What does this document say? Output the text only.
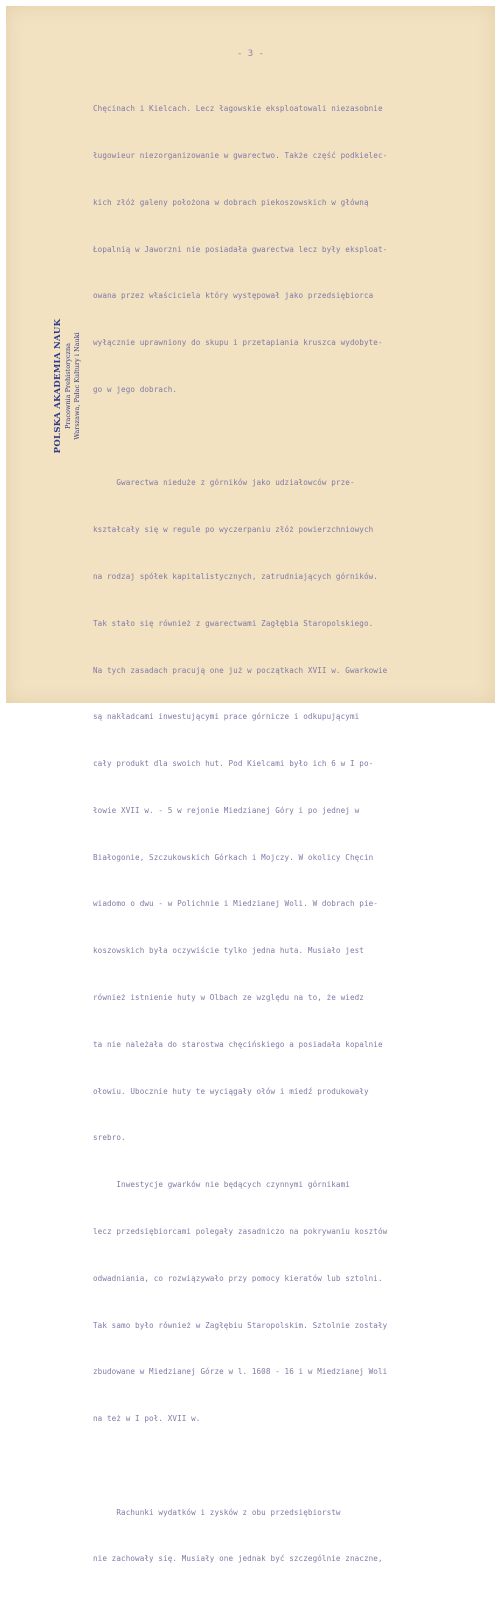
- 3 -
POLSKA AKADEMIA NAUK Pracownia Prehistoryczna Warszawa, Pałac Kultury i Nauki

Chęcinach i Kielcach. Lecz łagowskie eksploatowali niezasobnie

ługowieur niezorganizowanie w gwarectwo. Także część podkielec-

kich złóż galeny położona w dobrach piekoszowskich w główną

Łopalnią w Jaworzni nie posiadała gwarectwa lecz były eksploat-

owana przez właściciela który występował jako przedsiębiorca

wyłącznie uprawniony do skupu i przetapiania kruszca wydobyte-

go w jego dobrach.

Gwarectwa nieduże z górników jako udziałowców prze-

kształcały się w regule po wyczerpaniu złóż powierzchniowych

na rodzaj spółek kapitalistycznych, zatrudniających górników.

Tak stało się również z gwarectwami Zagłębia Staropolskiego.

Na tych zasadach pracują one już w początkach XVII w. Gwarkowie

są nakładcami inwestującymi prace górnicze i odkupującymi

cały produkt dla swoich hut. Pod Kielcami było ich 6 w I po-

łowie XVII w. - 5 w rejonie Miedzianej Góry i po jednej w

Białogonie, Szczukowskich Górkach i Mojczy. W okolicy Chęcin

wiadomo o dwu - w Polichnie i Miedzianej Woli. W dobrach pie-

koszowskich była oczywiście tylko jedna huta. Musiało jest

również istnienie huty w Olbach ze względu na to, że wiedz

ta nie należała do starostwa chęcińskiego a posiadała kopalnie

ołowiu. Ubocznie huty te wyciągały ołów i miedź produkowały

srebro.

Inwestycje gwarków nie będących czynnymi górnikami

lecz przedsiębiorcami polegały zasadniczo na pokrywaniu kosztów

odwadniania, co rozwiązywało przy pomocy kieratów lub sztolni.

Tak samo było również w Zagłębiu Staropolskim. Sztolnie zostały

zbudowane w Miedzianej Górze w l. 1608 - 16 i w Miedzianej Woli

na też w I poł. XVII w.

Rachunki wydatków i zysków z obu przedsiębiorstw

nie zachowały się. Musiały one jednak być szczególnie znaczne,
